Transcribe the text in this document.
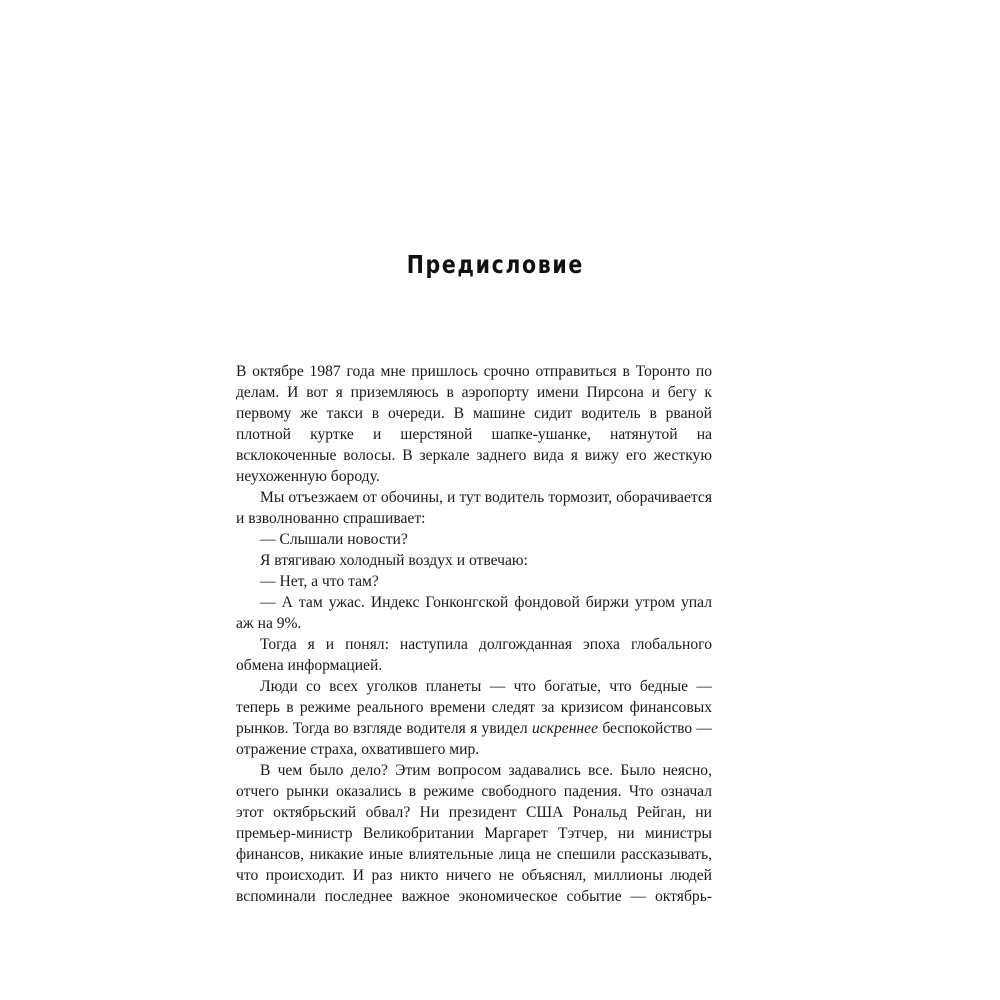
Предисловие

В октябре 1987 года мне пришлось срочно отправиться в Торонто по делам. И вот я приземляюсь в аэропорту имени Пирсона и бегу к первому же такси в очереди. В машине сидит водитель в рваной плотной куртке и шерстяной шапке-ушанке, натянутой на всклокоченные волосы. В зеркале заднего вида я вижу его жесткую неухоженную бороду.

Мы отъезжаем от обочины, и тут водитель тормозит, оборачивается и взволнованно спрашивает:

— Слышали новости?

Я втягиваю холодный воздух и отвечаю:

— Нет, а что там?

— А там ужас. Индекс Гонконгской фондовой биржи утром упал аж на 9%.

Тогда я и понял: наступила долгожданная эпоха глобального обмена информацией.

Люди со всех уголков планеты — что богатые, что бедные — теперь в режиме реального времени следят за кризисом финансовых рынков. Тогда во взгляде водителя я увидел искреннее беспокойство — отражение страха, охватившего мир.

В чем было дело? Этим вопросом задавались все. Было неясно, отчего рынки оказались в режиме свободного падения. Что означал этот октябрьский обвал? Ни президент США Рональд Рейган, ни премьер-министр Великобритании Маргарет Тэтчер, ни министры финансов, никакие иные влиятельные лица не спешили рассказывать, что происходит. И раз никто ничего не объяснял, миллионы людей вспоминали последнее важное экономическое событие — октябрь-
